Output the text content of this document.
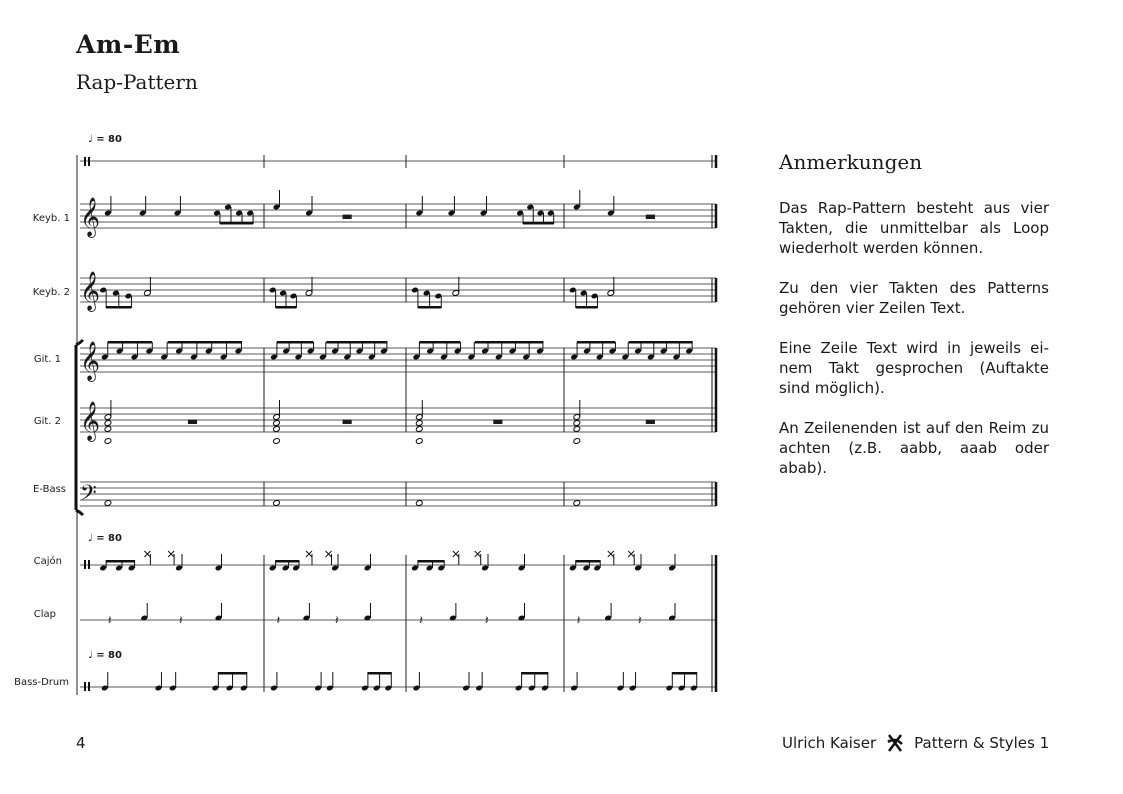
Am-Em
Rap-Pattern
♩ = 80
♩ = 80
♩ = 80
Keyb. 1
Keyb. 2
Git. 1
Git. 2
E-Bass
Cajón
Clap
Bass-Drum
𝄞
𝄞
𝄞
𝄞
𝄢
▬	▬
▬	▬	▬	▬
𝄽	𝄽	𝄽	𝄽	𝄽	𝄽	𝄽	𝄽
Anmerkungen

Das Rap-Pattern besteht aus vier Takten, die unmittelbar als Loop wiederholt werden können.

Zu den vier Takten des Patterns gehören vier Zeilen Text.

Eine Zeile Text wird in jeweils einem Takt gesprochen (Auftakte sind möglich).

An Zeilenenden ist auf den Reim zu achten (z.B. aabb, aaab oder abab).

4	Ulrich Kaiser	Pattern & Styles 1
